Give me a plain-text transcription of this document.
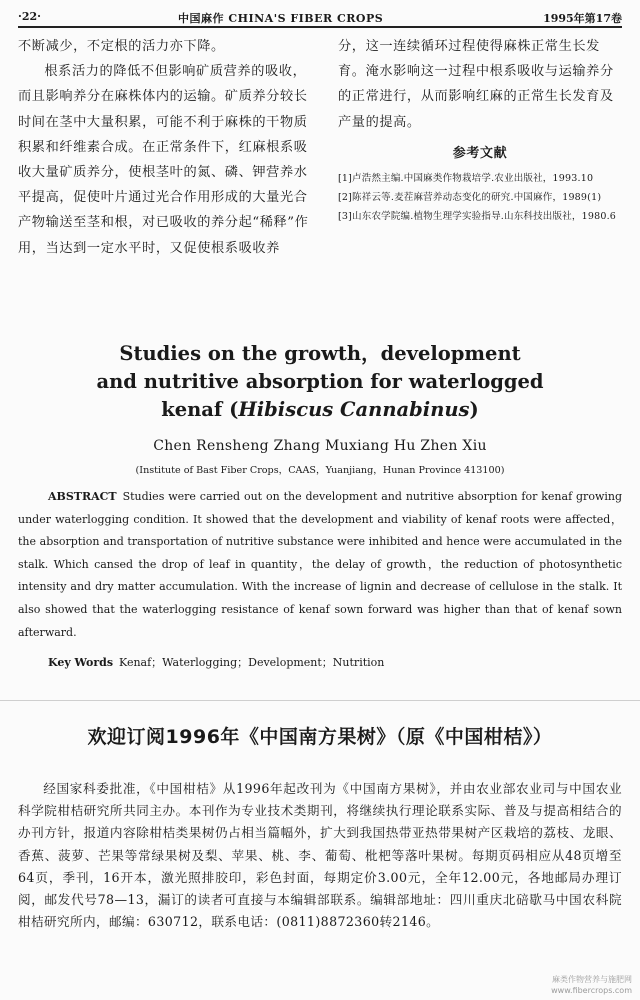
·22·	中国麻作 CHINA'S FIBER CROPS	1995年第17卷

不断减少，不定根的活力亦下降。

根系活力的降低不但影响矿质营养的吸收，而且影响养分在麻株体内的运输。矿质养分较长时间在茎中大量积累，可能不利于麻株的干物质积累和纤维素合成。在正常条件下，红麻根系吸收大量矿质养分，使根茎叶的氮、磷、钾营养水平提高，促使叶片通过光合作用形成的大量光合产物输送至茎和根，对已吸收的养分起“稀释”作用，当达到一定水平时，又促使根系吸收养

分，这一连续循环过程使得麻株正常生长发育。淹水影响这一过程中根系吸收与运输养分的正常进行，从而影响红麻的正常生长发育及产量的提高。

参考文献
[1]卢浩然主编.中国麻类作物栽培学.农业出版社，1993.10
[2]陈祥云等.麦茬麻营养动态变化的研究.中国麻作，1989(1)
[3]山东农学院编.植物生理学实验指导.山东科技出版社，1980.6
Studies on the growth，development
and nutritive absorption for waterlogged
kenaf (Hibiscus Cannabinus)
Chen Rensheng Zhang Muxiang Hu Zhen Xiu
(Institute of Bast Fiber Crops，CAAS，Yuanjiang，Hunan Province 413100)
ABSTRACT Studies were carried out on the development and nutritive absorption for kenaf growing under waterlogging condition. It showed that the development and viability of kenaf roots were affected，the absorption and transportation of nutritive substance were inhibited and hence were accumulated in the stalk. Which cansed the drop of leaf in quantity，the delay of growth，the reduction of photosynthetic intensity and dry matter accumulation. With the increase of lignin and decrease of cellulose in the stalk. It also showed that the waterlogging resistance of kenaf sown forward was higher than that of kenaf sown afterward.
Key Words Kenaf；Waterlogging；Development；Nutrition
欢迎订阅1996年《中国南方果树》（原《中国柑桔》）

经国家科委批准，《中国柑桔》从1996年起改刊为《中国南方果树》，并由农业部农业司与中国农业科学院柑桔研究所共同主办。本刊作为专业技术类期刊，将继续执行理论联系实际、普及与提高相结合的办刊方针，报道内容除柑桔类果树仍占相当篇幅外，扩大到我国热带亚热带果树产区栽培的荔枝、龙眼、香蕉、菠萝、芒果等常绿果树及梨、苹果、桃、李、葡萄、枇杷等落叶果树。每期页码相应从48页增至64页，季刊，16开本，激光照排胶印，彩色封面，每期定价3.00元，全年12.00元，各地邮局办理订阅，邮发代号78—13，漏订的读者可直接与本编辑部联系。编辑部地址：四川重庆北碚歇马中国农科院柑桔研究所内，邮编：630712，联系电话：(0811)8872360转2146。

麻类作物营养与施肥网
www.fibercrops.com
